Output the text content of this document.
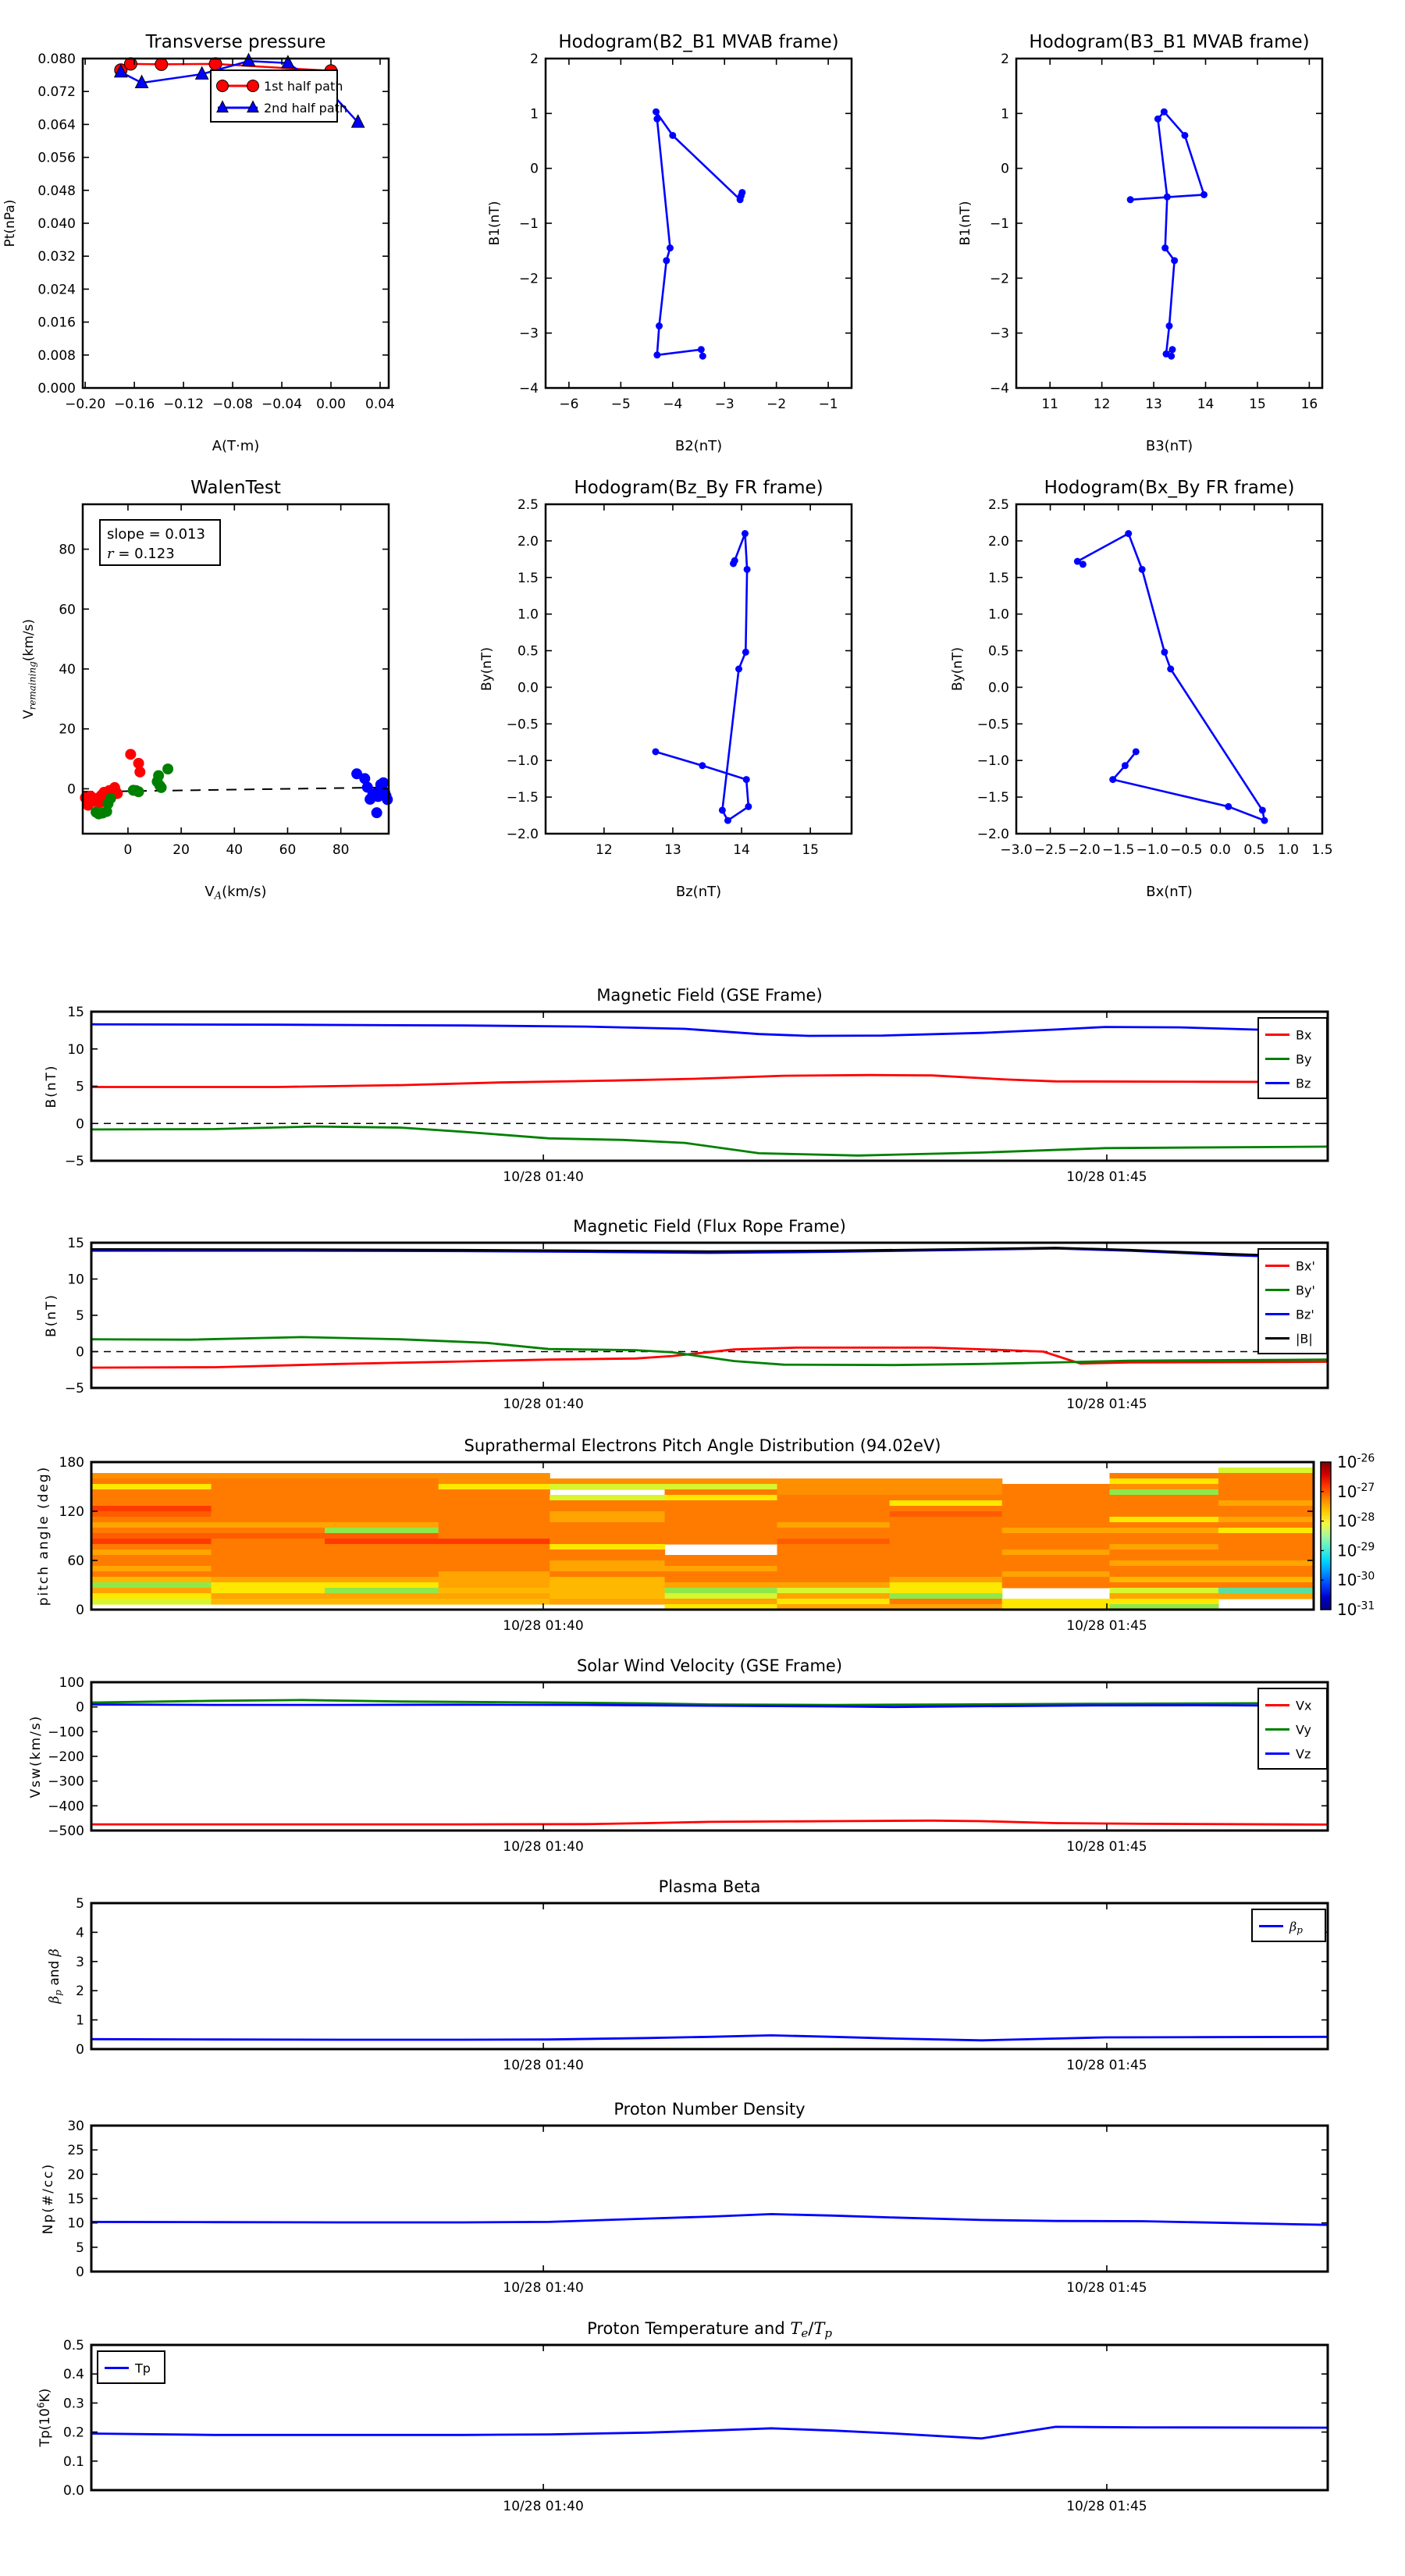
−0.20 −0.16 −0.12 −0.08 −0.04 0.00 0.04
0.000
0.008
0.016
0.024
0.032
0.040
0.048
0.056
0.064
0.072
0.080
Transverse pressure
A(T·m)
Pt(nPa)
1st half path
2nd half path
−6 −5 −4 −3 −2 −1
−4
−3
−2
−1
0
1
2
Hodogram(B2_B1 MVAB frame)
B2(nT)
B1(nT)
11	12	13	14	15	16
−4
−3
−2
−1
0
1
2
Hodogram(B3_B1 MVAB frame)
B3(nT)
B1(nT)
0	20	40	60	80
0
20
40
60
80
WalenTest
$V_A(km/s)$
$V_{remaining}(km/s)$
slope = 0.013
r = 0.123
12	13	14	15
−2.0
−1.5
−1.0
−0.5
0.0
0.5
1.0
1.5
2.0
2.5
Hodogram(Bz_By FR frame)
Bz(nT)
By(nT)
−3.0 −2.5 −2.0 −1.5 −1.0 −0.5 0.0 0.5 1.0 1.5
−2.0
−1.5
−1.0
−0.5
0.0
0.5
1.0
1.5
2.0
2.5
Hodogram(Bx_By FR frame)
Bx(nT)
By(nT)
10/28 01:40	10/28 01:45
−5
0
5
10
15
Magnetic Field (GSE Frame)
B(nT)
Bx
By
Bz
10/28 01:40	10/28 01:45
−5
0
5
10
15
Magnetic Field (Flux Rope Frame)
B(nT)
Bx'
By'
Bz'
|B|
10/28 01:40	10/28 01:45
0
60
120
180
Suprathermal Electrons Pitch Angle Distribution (94.02eV)
pitch angle (deg)
$10^{-26}$
$10^{-27}$
$10^{-28}$
$10^{-29}$
$10^{-30}$
$10^{-31}$
10/28 01:40	10/28 01:45
−500
−400
−300
−200
−100
0
100
Solar Wind Velocity (GSE Frame)
Vsw(km/s)
Vx
Vy
Vz
10/28 01:40	10/28 01:45
0
1
2
3
4
5
Plasma Beta
$\beta_p$ and β
$\beta_p$
10/28 01:40	10/28 01:45
0
5
10
15
20
25
30
Proton Number Density
Np(#/cc)
10/28 01:40	10/28 01:45
0.0
0.1
0.2
0.3
0.4
0.5
Proton Temperature and $T_e/T_p$
$Tp(10^6K)$
Tp
